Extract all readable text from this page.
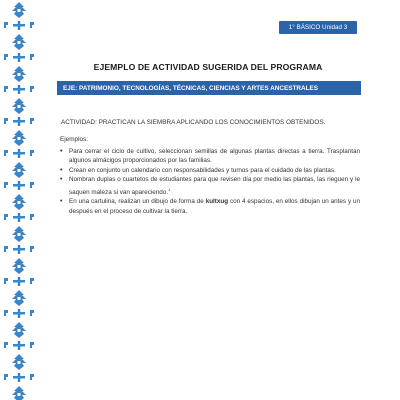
1° BÁSICO Unidad 3
EJEMPLO DE ACTIVIDAD SUGERIDA DEL PROGRAMA
EJE: PATRIMONIO, TECNOLOGÍAS, TÉCNICAS, CIENCIAS Y ARTES ANCESTRALES
ACTIVIDAD: PRACTICAN LA SIEMBRA APLICANDO LOS CONOCIMIENTOS OBTENIDOS.
Ejemplos:
• Para cerrar el ciclo de cultivo, seleccionan semillas de algunas plantas directas a tierra. Trasplantan algunos almácigos proporcionados por las familias.
• Crean en conjunto un calendario con responsabilidades y turnos para el cuidado de las plantas.
• Nombran duplas o cuartetos de estudiantes para que revisen día por medio las plantas, las rieguen y le saquen maleza si van apareciendo.$^1$
• En una cartulina, realizan un dibujo de forma de kultxug con 4 espacios, en ellos dibujan un antes y un después en el proceso de cultivar la tierra.
